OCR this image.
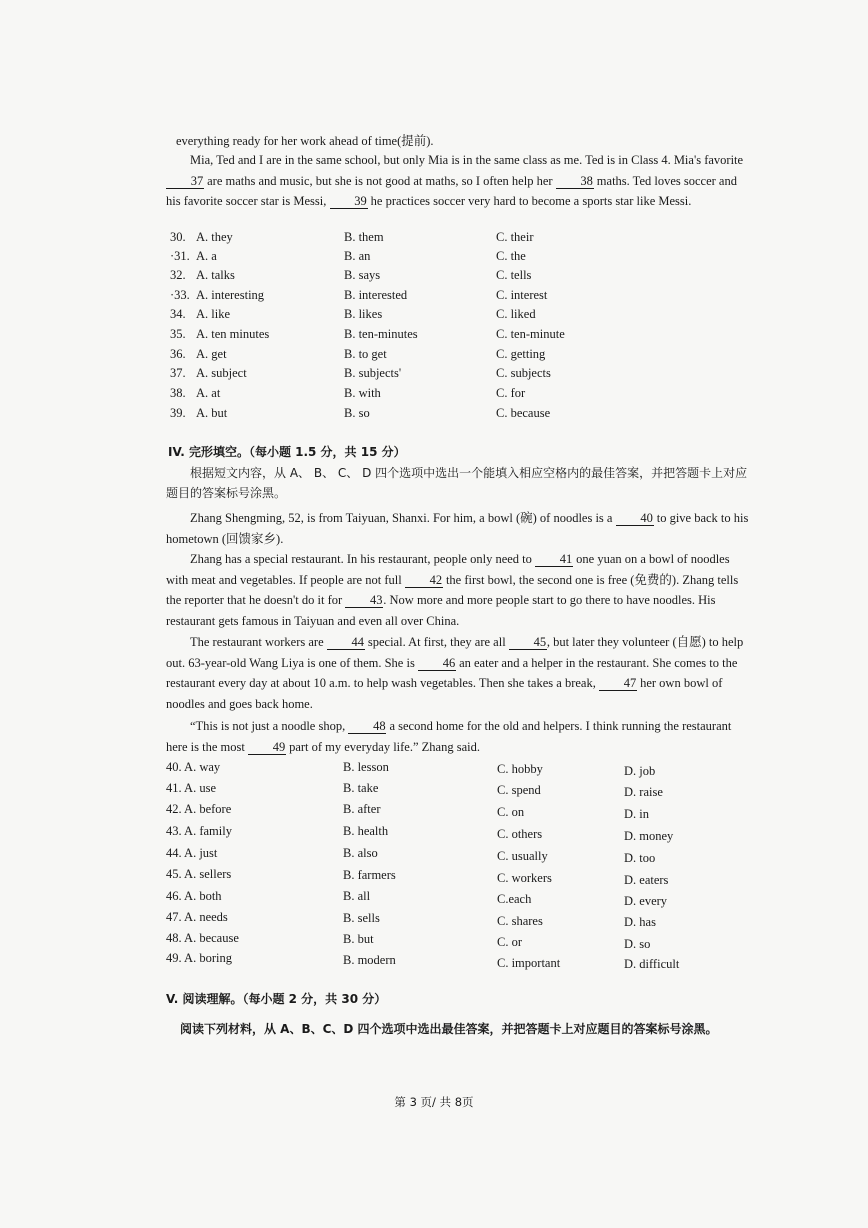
everything ready for her work ahead of time(提前).
Mia, Ted and I are in the same school, but only Mia is in the same class as me. Ted is in Class 4. Mia's favorite 37 are maths and music, but she is not good at maths, so I often help her 38 maths. Ted loves soccer and his favorite soccer star is Messi, 39 he practices soccer very hard to become a sports star like Messi.
30. A. they	B. them	C. their
·31. A. a	B. an	C. the
32. A. talks	B. says	C. tells
·33. A. interesting	B. interested	C. interest
34. A. like	B. likes	C. liked
35. A. ten minutes	B. ten-minutes	C. ten-minute
36. A. get	B. to get	C. getting
37. A. subject	B. subjects'	C. subjects
38. A. at	B. with	C. for
39. A. but	B. so	C. because
IV. 完形填空。（每小题 1.5 分，共 15 分）
根据短文内容，从 A、 B、 C、 D 四个选项中选出一个能填入相应空格内的最佳答案，并把答题卡上对应题目的答案标号涂黑。
Zhang Shengming, 52, is from Taiyuan, Shanxi. For him, a bowl (碗) of noodles is a 40 to give back to his hometown (回馈家乡).
Zhang has a special restaurant. In his restaurant, people only need to 41 one yuan on a bowl of noodles with meat and vegetables. If people are not full 42 the first bowl, the second one is free (免费的). Zhang tells the reporter that he doesn't do it for 43. Now more and more people start to go there to have noodles. His restaurant gets famous in Taiyuan and even all over China.
The restaurant workers are 44 special. At first, they are all 45, but later they volunteer (自愿) to help out. 63-year-old Wang Liya is one of them. She is 46 an eater and a helper in the restaurant. She comes to the restaurant every day at about 10 a.m. to help wash vegetables. Then she takes a break, 47 her own bowl of noodles and goes back home.
“This is not just a noodle shop, 48 a second home for the old and helpers. I think running the restaurant here is the most 49 part of my everyday life.” Zhang said.
40. A. way	B. lesson	C. hobby	D. job
41. A. use	B. take	C. spend	D. raise
42. A. before	B. after	C. on	D. in
43. A. family	B. health	C. others	D. money
44. A. just	B. also	C. usually	D. too
45. A. sellers	B. farmers	C. workers	D. eaters
46. A. both	B. all	C.each	D. every
47. A. needs	B. sells	C. shares	D. has
48. A. because	B. but	C. or	D. so
49. A. boring	B. modern	C. important	D. difficult
V. 阅读理解。（每小题 2 分，共 30 分）
阅读下列材料，从 A、B、C、D 四个选项中选出最佳答案，并把答题卡上对应题目的答案标号涂黑。
第 3 页/ 共 8页
